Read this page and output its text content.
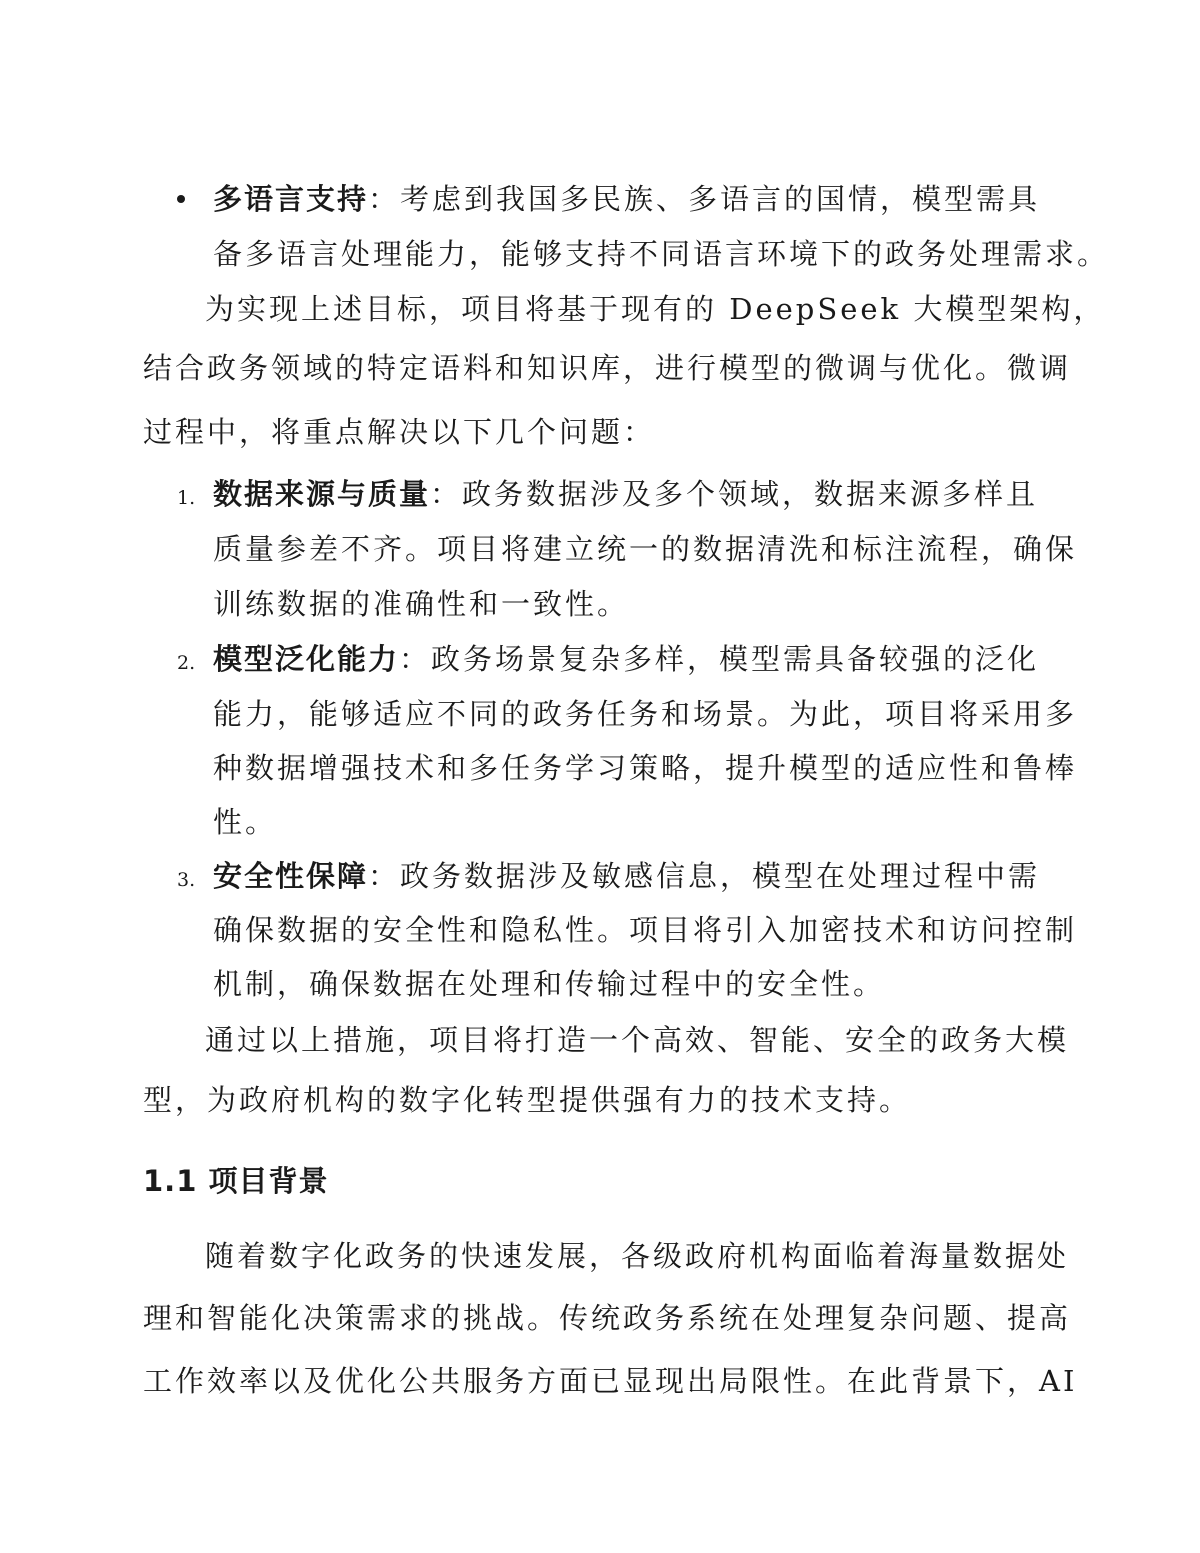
多语言支持：考虑到我国多民族、多语言的国情，模型需具
备多语言处理能力，能够支持不同语言环境下的政务处理需求。
为实现上述目标，项目将基于现有的 DeepSeek 大模型架构，
结合政务领域的特定语料和知识库，进行模型的微调与优化。微调
过程中，将重点解决以下几个问题：
1. 数据来源与质量：政务数据涉及多个领域，数据来源多样且
质量参差不齐。项目将建立统一的数据清洗和标注流程，确保
训练数据的准确性和一致性。
2. 模型泛化能力：政务场景复杂多样，模型需具备较强的泛化
能力，能够适应不同的政务任务和场景。为此，项目将采用多
种数据增强技术和多任务学习策略，提升模型的适应性和鲁棒
性。
3. 安全性保障：政务数据涉及敏感信息，模型在处理过程中需
确保数据的安全性和隐私性。项目将引入加密技术和访问控制
机制，确保数据在处理和传输过程中的安全性。
通过以上措施，项目将打造一个高效、智能、安全的政务大模
型，为政府机构的数字化转型提供强有力的技术支持。
1.1 项目背景
随着数字化政务的快速发展，各级政府机构面临着海量数据处
理和智能化决策需求的挑战。传统政务系统在处理复杂问题、提高
工作效率以及优化公共服务方面已显现出局限性。在此背景下，AI
